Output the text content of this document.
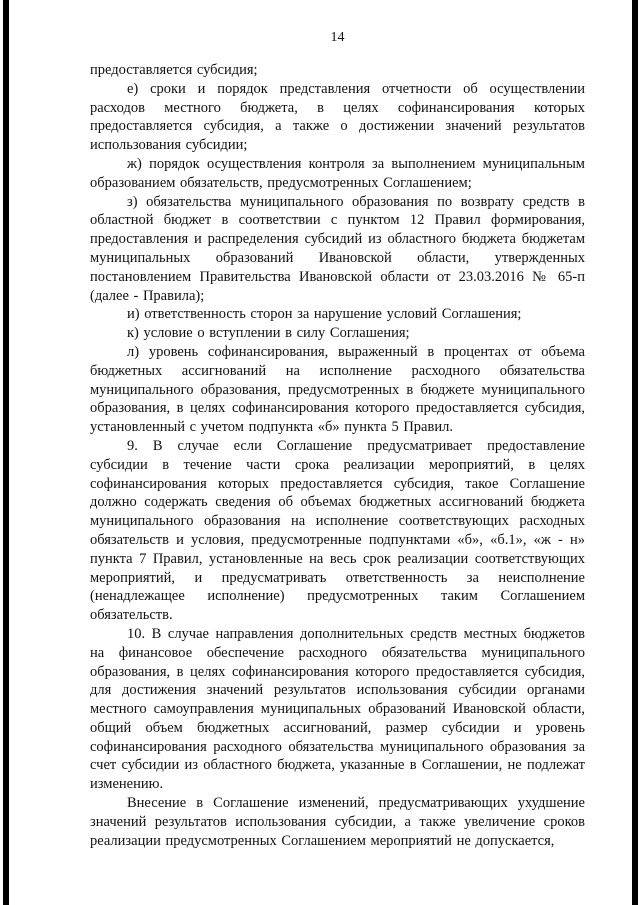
14

предоставляется субсидия;

е) сроки и порядок представления отчетности об осуществлении расходов местного бюджета, в целях софинансирования которых предоставляется субсидия, а также о достижении значений результатов использования субсидии;

ж) порядок осуществления контроля за выполнением муниципальным образованием обязательств, предусмотренных Соглашением;

з) обязательства муниципального образования по возврату средств в областной бюджет в соответствии с пунктом 12 Правил формирования, предоставления и распределения субсидий из областного бюджета бюджетам муниципальных образований Ивановской области, утвержденных постановлением Правительства Ивановской области от 23.03.2016 № 65-п (далее - Правила);

и) ответственность сторон за нарушение условий Соглашения;

к) условие о вступлении в силу Соглашения;

л) уровень софинансирования, выраженный в процентах от объема бюджетных ассигнований на исполнение расходного обязательства муниципального образования, предусмотренных в бюджете муниципального образования, в целях софинансирования которого предоставляется субсидия, установленный с учетом подпункта «б» пункта 5 Правил.

9. В случае если Соглашение предусматривает предоставление субсидии в течение части срока реализации мероприятий, в целях софинансирования которых предоставляется субсидия, такое Соглашение должно содержать сведения об объемах бюджетных ассигнований бюджета муниципального образования на исполнение соответствующих расходных обязательств и условия, предусмотренные подпунктами «б», «б.1», «ж - н» пункта 7 Правил, установленные на весь срок реализации соответствующих мероприятий, и предусматривать ответственность за неисполнение (ненадлежащее исполнение) предусмотренных таким Соглашением обязательств.

10. В случае направления дополнительных средств местных бюджетов на финансовое обеспечение расходного обязательства муниципального образования, в целях софинансирования которого предоставляется субсидия, для достижения значений результатов использования субсидии органами местного самоуправления муниципальных образований Ивановской области, общий объем бюджетных ассигнований, размер субсидии и уровень софинансирования расходного обязательства муниципального образования за счет субсидии из областного бюджета, указанные в Соглашении, не подлежат изменению.

Внесение в Соглашение изменений, предусматривающих ухудшение значений результатов использования субсидии, а также увеличение сроков реализации предусмотренных Соглашением мероприятий не допускается,
